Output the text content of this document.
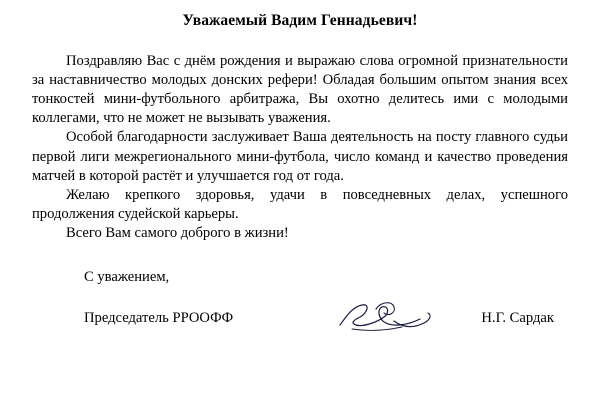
Уважаемый Вадим Геннадьевич!

Поздравляю Вас с днём рождения и выражаю слова огромной признательности за наставничество молодых донских рефери! Обладая большим опытом знания всех тонкостей мини-футбольного арбитража, Вы охотно делитесь ими с молодыми коллегами, что не может не вызывать уважения.

Особой благодарности заслуживает Ваша деятельность на посту главного судьи первой лиги межрегионального мини-футбола, число команд и качество проведения матчей в которой растёт и улучшается год от года.

Желаю крепкого здоровья, удачи в повседневных делах, успешного продолжения судейской карьеры.

Всего Вам самого доброго в жизни!

С уважением,
Председатель РРООФФ	Н.Г. Сардак
